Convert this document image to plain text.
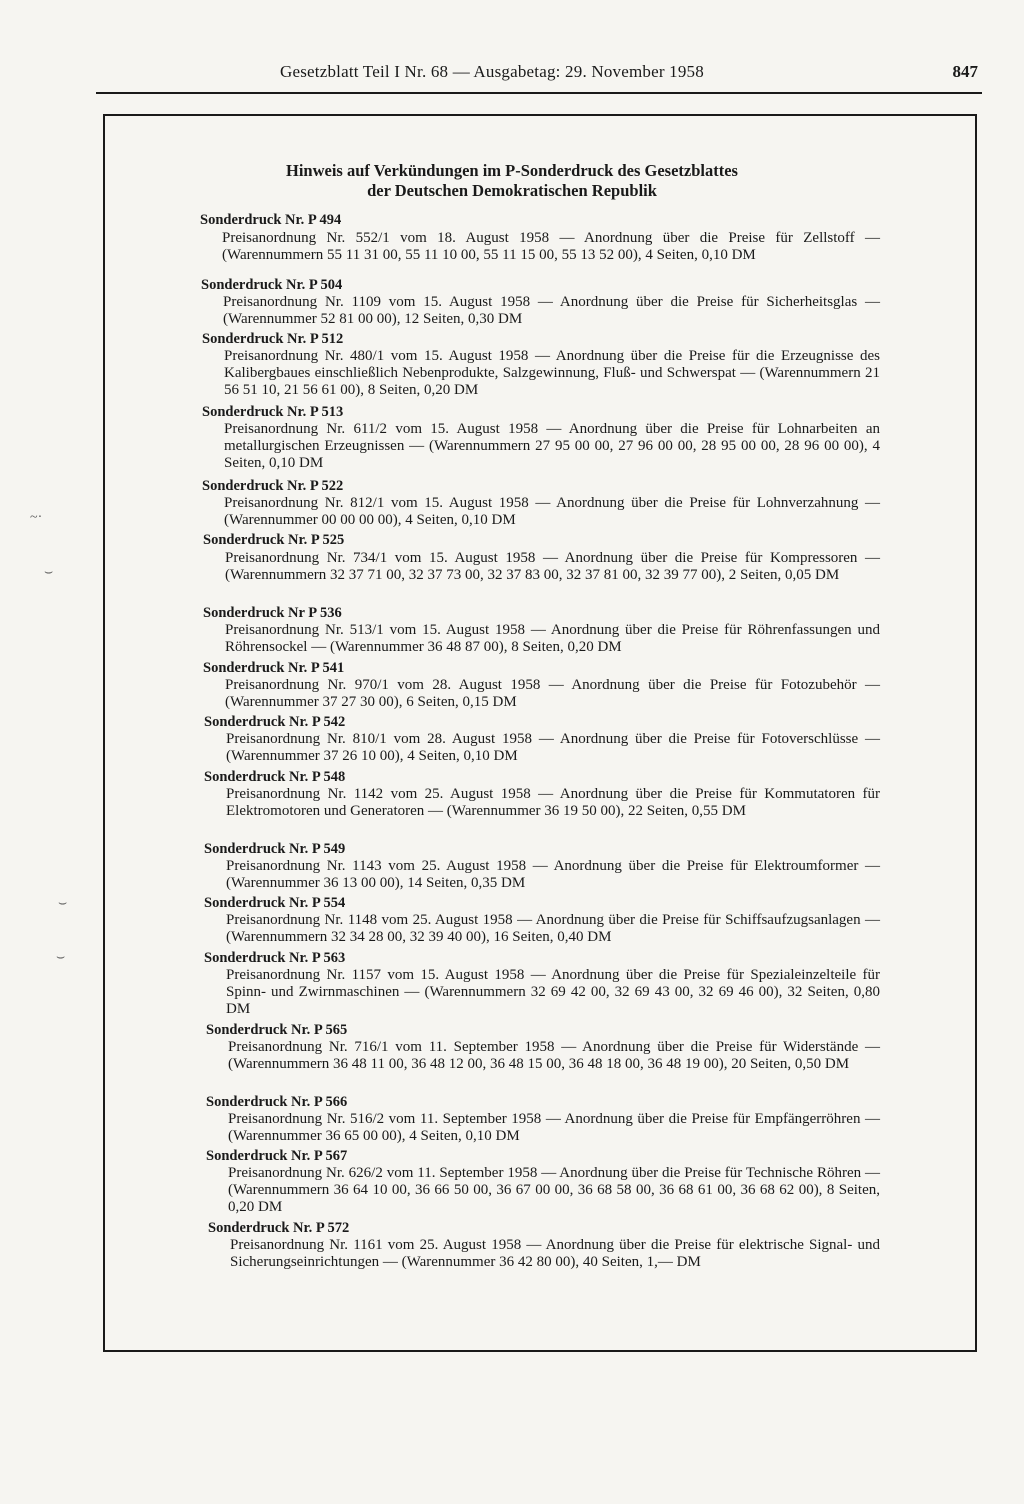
Gesetzblatt Teil I Nr. 68 — Ausgabetag: 29. November 1958	847
Hinweis auf Verkündungen im P-Sonderdruck des Gesetzblattes
der Deutschen Demokratischen Republik
Sonderdruck Nr. P 494
Preisanordnung Nr. 552/1 vom 18. August 1958 — Anordnung über die Preise für Zellstoff — (Warennummern 55 11 31 00, 55 11 10 00, 55 11 15 00, 55 13 52 00), 4 Seiten, 0,10 DM
Sonderdruck Nr. P 504
Preisanordnung Nr. 1109 vom 15. August 1958 — Anordnung über die Preise für Sicherheitsglas — (Warennummer 52 81 00 00), 12 Seiten, 0,30 DM
Sonderdruck Nr. P 512
Preisanordnung Nr. 480/1 vom 15. August 1958 — Anordnung über die Preise für die Erzeugnisse des Kalibergbaues einschließlich Nebenprodukte, Salzgewinnung, Fluß- und Schwerspat — (Warennummern 21 56 51 10, 21 56 61 00), 8 Seiten, 0,20 DM
Sonderdruck Nr. P 513
Preisanordnung Nr. 611/2 vom 15. August 1958 — Anordnung über die Preise für Lohnarbeiten an metallurgischen Erzeugnissen — (Warennummern 27 95 00 00, 27 96 00 00, 28 95 00 00, 28 96 00 00), 4 Seiten, 0,10 DM
Sonderdruck Nr. P 522
Preisanordnung Nr. 812/1 vom 15. August 1958 — Anordnung über die Preise für Lohnverzahnung — (Warennummer 00 00 00 00), 4 Seiten, 0,10 DM
Sonderdruck Nr. P 525
Preisanordnung Nr. 734/1 vom 15. August 1958 — Anordnung über die Preise für Kompressoren — (Warennummern 32 37 71 00, 32 37 73 00, 32 37 83 00, 32 37 81 00, 32 39 77 00), 2 Seiten, 0,05 DM
Sonderdruck Nr P 536
Preisanordnung Nr. 513/1 vom 15. August 1958 — Anordnung über die Preise für Röhrenfassungen und Röhrensockel — (Warennummer 36 48 87 00), 8 Seiten, 0,20 DM
Sonderdruck Nr. P 541
Preisanordnung Nr. 970/1 vom 28. August 1958 — Anordnung über die Preise für Fotozubehör — (Warennummer 37 27 30 00), 6 Seiten, 0,15 DM
Sonderdruck Nr. P 542
Preisanordnung Nr. 810/1 vom 28. August 1958 — Anordnung über die Preise für Fotoverschlüsse — (Warennummer 37 26 10 00), 4 Seiten, 0,10 DM
Sonderdruck Nr. P 548
Preisanordnung Nr. 1142 vom 25. August 1958 — Anordnung über die Preise für Kommutatoren für Elektromotoren und Generatoren — (Warennummer 36 19 50 00), 22 Seiten, 0,55 DM
Sonderdruck Nr. P 549
Preisanordnung Nr. 1143 vom 25. August 1958 — Anordnung über die Preise für Elektroumformer — (Warennummer 36 13 00 00), 14 Seiten, 0,35 DM
Sonderdruck Nr. P 554
Preisanordnung Nr. 1148 vom 25. August 1958 — Anordnung über die Preise für Schiffsaufzugsanlagen — (Warennummern 32 34 28 00, 32 39 40 00), 16 Seiten, 0,40 DM
Sonderdruck Nr. P 563
Preisanordnung Nr. 1157 vom 15. August 1958 — Anordnung über die Preise für Spezialeinzelteile für Spinn- und Zwirnmaschinen — (Warennummern 32 69 42 00, 32 69 43 00, 32 69 46 00), 32 Seiten, 0,80 DM
Sonderdruck Nr. P 565
Preisanordnung Nr. 716/1 vom 11. September 1958 — Anordnung über die Preise für Widerstände — (Warennummern 36 48 11 00, 36 48 12 00, 36 48 15 00, 36 48 18 00, 36 48 19 00), 20 Seiten, 0,50 DM
Sonderdruck Nr. P 566
Preisanordnung Nr. 516/2 vom 11. September 1958 — Anordnung über die Preise für Empfängerröhren — (Warennummer 36 65 00 00), 4 Seiten, 0,10 DM
Sonderdruck Nr. P 567
Preisanordnung Nr. 626/2 vom 11. September 1958 — Anordnung über die Preise für Technische Röhren — (Warennummern 36 64 10 00, 36 66 50 00, 36 67 00 00, 36 68 58 00, 36 68 61 00, 36 68 62 00), 8 Seiten, 0,20 DM
Sonderdruck Nr. P 572
Preisanordnung Nr. 1161 vom 25. August 1958 — Anordnung über die Preise für elektrische Signal- und Sicherungseinrichtungen — (Warennummer 36 42 80 00), 40 Seiten, 1,— DM
~·
⌣
⌣
⌣
